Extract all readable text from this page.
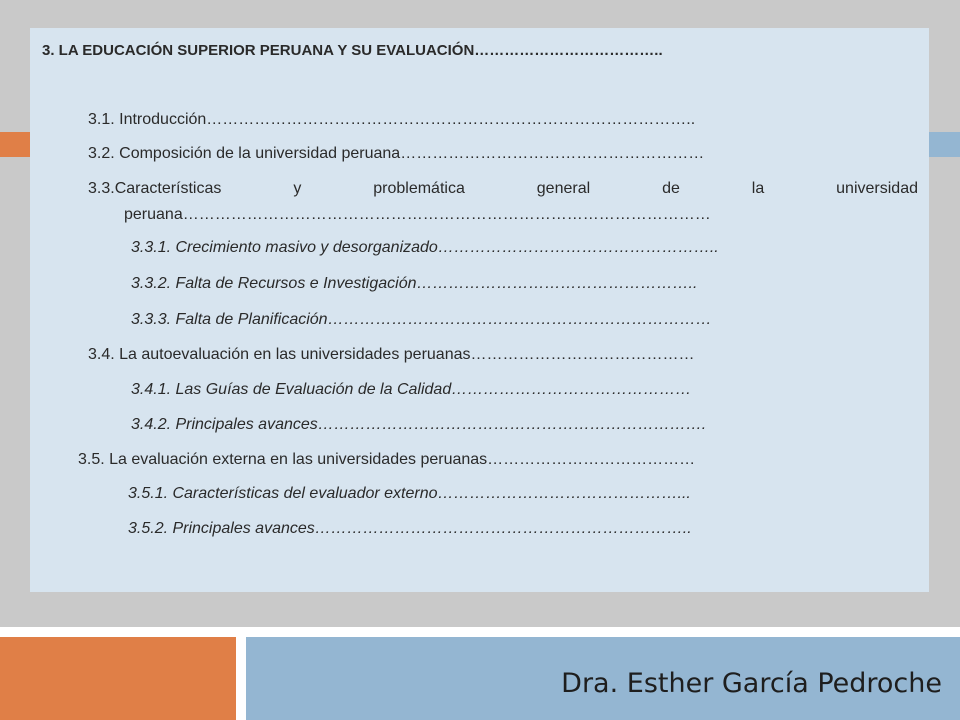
3. LA EDUCACIÓN SUPERIOR PERUANA Y SU EVALUACIÓN………………………………..
3.1. Introducción………………………………………………………………………………..
3.2. Composición de la universidad peruana…………………………………………………
3.3.Características	y	problemática	general	de	la	universidad
peruana………………………………………………………………………………………
3.3.1. Crecimiento masivo y desorganizado……………………………………………..
3.3.2. Falta de Recursos e Investigación……………………………………………..
3.3.3. Falta de Planificación………………………………………………………………
3.4. La autoevaluación en las universidades peruanas……………………………………
3.4.1. Las Guías de Evaluación de la Calidad………………………………………
3.4.2. Principales avances……………………………………………………………….
3.5. La evaluación externa en las universidades peruanas…………………………………
3.5.1. Características del evaluador externo………………………………………...
3.5.2. Principales avances……………………………………………………………..
Dra. Esther García Pedroche
